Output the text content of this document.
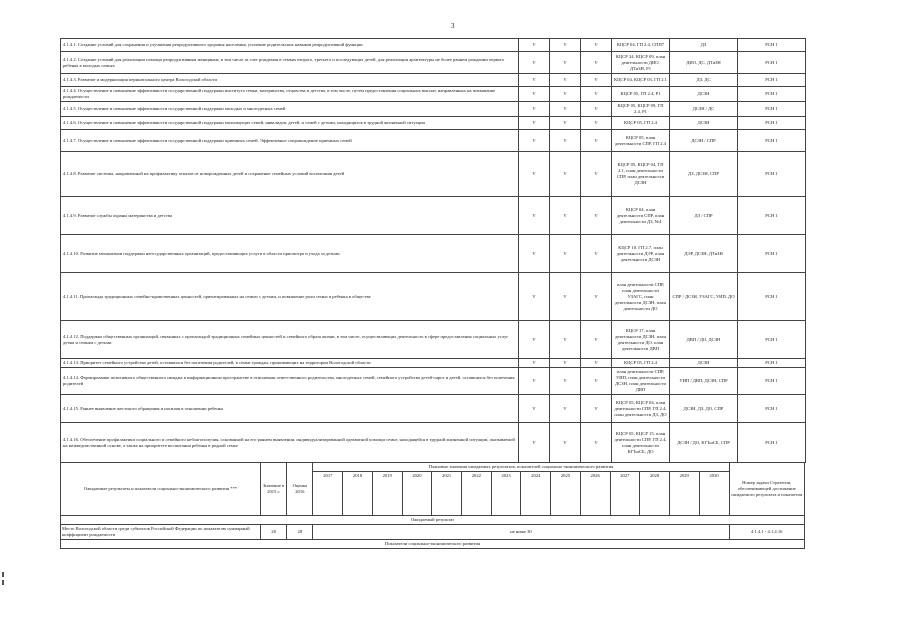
3
4.1.4.1. Создание условий для сохранения и улучшения репродуктивного здоровья населения, усиление родительских навыков репродуктивной функции	V	V	V	КЦСР 04, ГП 2.4, СПП7	ДЗ	РСН 1
4.1.4.2. Создание условий для реализации помощи репродуктивным женщинам, в том числе за счет рождения в семьях второго, третьего и последующих детей, для реализации архитектуры не более раннем рождении первого ребенка в молодых семьях	V	V	V	КЦСР 24, КЦСР 09, план деятельности ДИО, ДТиЗН, Р1	ДИО, ДС, ДТиЗН	РСН 1
4.1.4.3. Развитие и модернизация перинатального центра Вологодской области	V	V	V	КЦСР 04, КЦСР 03, ГП 2.1	ДЗ, ДС	РСН 1
4.1.4.4. Осуществление и повышение эффективности государственной поддержки института семьи, материнства, отцовства и детства, в том числе, путем предоставления социальных выплат, направленных на повышение рождаемости	V	V	V	КЦСР 05, ГП 2.4, Р1	ДСЗН	РСН 1
4.1.4.5. Осуществление и повышение эффективности государственной поддержки молодых и многодетных семей	V	V	V	КЦСР 05, КЦСР 09, ГП 2.4, Р1	ДСЗН / ДС	РСН 1
4.1.4.6. Осуществление и повышение эффективности государственной поддержки малоимущих семей, инвалидов, детей, и семей с детьми, находящихся в трудной жизненной ситуации	V	V	V	КЦСР 05, ГП 2.4	ДСЗН	РСН 1
4.1.4.7. Осуществление и повышение эффективности государственной поддержки приемных семей. Эффективное сопровождение приемных семей	V	V	V	КЦСР 05, план деятельности СПР, ГП 2.4	ДСЗН / СПР	РСН 1
4.1.4.8. Развитие системы, направленной на профилактику отказов от новорожденных детей и сохранение семейных условий воспитания детей	V	V	V	КЦСР 05, КЦСР 04, ГП 2.1, план деятельности СПР, план деятельности ДСЗН	ДЗ, ДСЗН, СПР	РСН 1
4.1.4.9. Развитие службы охраны материнства и детства	V	V	V	КЦСР 04, план деятельности СПР, план деятельности ДЗ, №4	ДЗ / СПР	РСН 1
4.1.4.10. Развитие механизмов поддержки негосударственных организаций, предоставляющих услуги в области присмотра и ухода за детьми	V	V	V	КЦСР 10, ГП 2.7, план деятельности ДЭР, план деятельности ДСЗН	ДЭР, ДСЗН, ДТиЗН	РСН 1
4.1.4.11. Пропаганда традиционных семейно-нравственных ценностей, ориентированных на семью с детьми, и повышение роли семьи и ребенка в обществе	V	V	V	план деятельности СПР, план деятельности УЗАГС, план деятельности ДСЗН, план деятельности ДО	СПР / ДСЗН, УЗАГС, УИП, ДО	РСН 1
4.1.4.12. Поддержка общественных организаций, связанных с пропагандой традиционных семейных ценностей и семейного образа жизни, в том числе, осуществляющих деятельность в сфере предоставления социальных услуг детям и семьям с детьми	V	V	V	КЦСР 17, план деятельности ДСЗН, план деятельности ДО, план деятельности ДВП	ДВП / ДО, ДСЗН	РСН 1
4.1.4.13. Приоритет семейного устройства детей, оставшихся без попечения родителей, в семьи граждан, проживающих на территории Вологодской области	V	V	V	КЦСР 05, ГП 2.4	ДСЗН	РСН 1
4.1.4.14. Формирование позитивного общественного имиджа в информационном пространстве в отношении ответственного родительства, многодетных семей, семейного устройства детей-сирот и детей, оставшихся без попечения родителей	V	V	V	план деятельности СПР, УИП, план деятельности ДСЗН, план деятельности ДВП	УИП / ДВП, ДСЗН, СПР	РСН 1
4.1.4.15. Раннее выявление жестокого обращения и насилия в отношении ребенка	V	V	V	КЦСР 05, КЦСР 04, план деятельности СПР, ГП 2.4, план деятельности ДЗ, ДО	ДСЗН, ДЗ, ДО, СПР	РСН 1
4.1.4.16. Обеспечение профилактики социального и семейного неблагополучия, основанной на его раннем выявлении, индивидуализированной адекватной помощи семье, находящейся в трудной жизненной ситуации, оказываемой на межведомственной основе, а также на приоритете воспитания ребенка в родной семье	V	V	V	КЦСР 05, КЦСР 15, план деятельности СПР, ГП 2.4, план деятельности КГЪиСБ, ДО	ДСЗН / ДО, КГЪиСБ, СПР	РСН 1
Ожидаемые результаты и показатели социально-экономического развития ***	Значение в 2015 г.	Оценка 2016	Плановые значения ожидаемых результатов, показателей социально-экономического развития														Номер задачи Стратегии, обеспечивающей достижение ожидаемого результата и показателя
			2017	2018	2019	2020	2021	2022	2023	2024	2025	2026	2027	2028	2029	2030	
Ожидаемый результат																	
Место Вологодской области среди субъектов Российской Федерации по показателю суммарный коэффициент рождаемости	28	28	не ниже 30														4.1.4.1 - 4.1.4.16
Показатели социально-экономического развития																	
